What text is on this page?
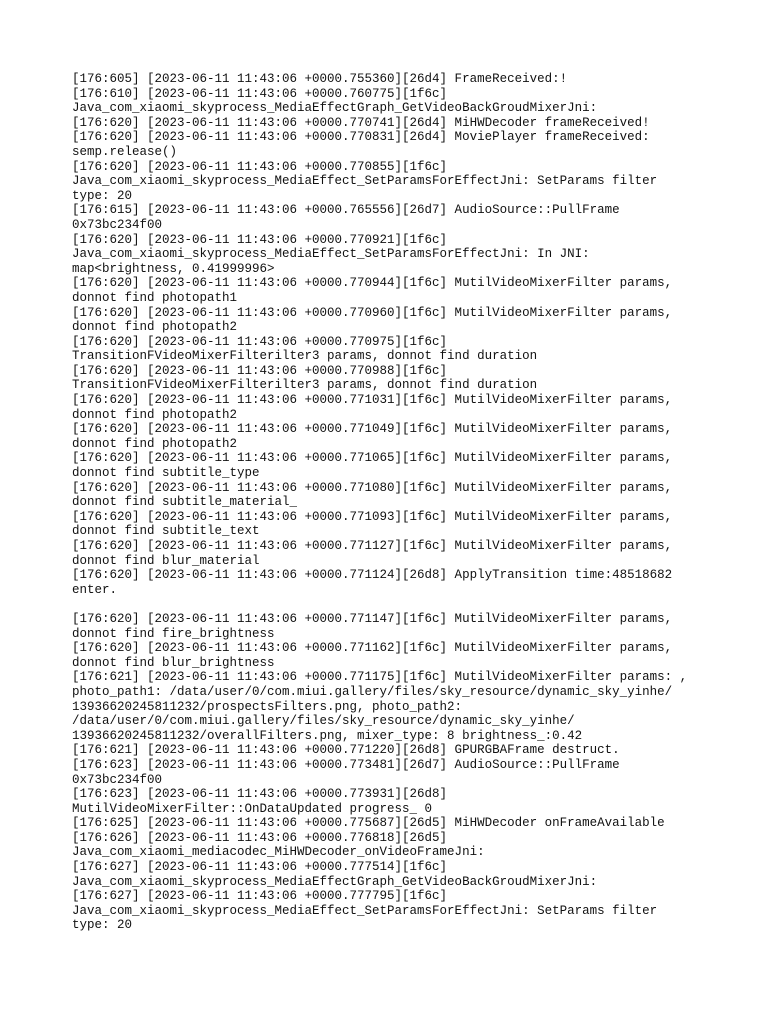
[176:605] [2023-06-11 11:43:06 +0000.755360][26d4] FrameReceived:!
[176:610] [2023-06-11 11:43:06 +0000.760775][1f6c]
Java_com_xiaomi_skyprocess_MediaEffectGraph_GetVideoBackGroudMixerJni:
[176:620] [2023-06-11 11:43:06 +0000.770741][26d4] MiHWDecoder frameReceived!
[176:620] [2023-06-11 11:43:06 +0000.770831][26d4] MoviePlayer frameReceived:
semp.release()
[176:620] [2023-06-11 11:43:06 +0000.770855][1f6c]
Java_com_xiaomi_skyprocess_MediaEffect_SetParamsForEffectJni: SetParams filter
type: 20
[176:615] [2023-06-11 11:43:06 +0000.765556][26d7] AudioSource::PullFrame
0x73bc234f00
[176:620] [2023-06-11 11:43:06 +0000.770921][1f6c]
Java_com_xiaomi_skyprocess_MediaEffect_SetParamsForEffectJni: In JNI:
map<brightness, 0.41999996>
[176:620] [2023-06-11 11:43:06 +0000.770944][1f6c] MutilVideoMixerFilter params,
donnot find photopath1
[176:620] [2023-06-11 11:43:06 +0000.770960][1f6c] MutilVideoMixerFilter params,
donnot find photopath2
[176:620] [2023-06-11 11:43:06 +0000.770975][1f6c]
TransitionFVideoMixerFilterilter3 params, donnot find duration
[176:620] [2023-06-11 11:43:06 +0000.770988][1f6c]
TransitionFVideoMixerFilterilter3 params, donnot find duration
[176:620] [2023-06-11 11:43:06 +0000.771031][1f6c] MutilVideoMixerFilter params,
donnot find photopath2
[176:620] [2023-06-11 11:43:06 +0000.771049][1f6c] MutilVideoMixerFilter params,
donnot find photopath2
[176:620] [2023-06-11 11:43:06 +0000.771065][1f6c] MutilVideoMixerFilter params,
donnot find subtitle_type
[176:620] [2023-06-11 11:43:06 +0000.771080][1f6c] MutilVideoMixerFilter params,
donnot find subtitle_material_
[176:620] [2023-06-11 11:43:06 +0000.771093][1f6c] MutilVideoMixerFilter params,
donnot find subtitle_text
[176:620] [2023-06-11 11:43:06 +0000.771127][1f6c] MutilVideoMixerFilter params,
donnot find blur_material
[176:620] [2023-06-11 11:43:06 +0000.771124][26d8] ApplyTransition time:48518682
enter.
[176:620] [2023-06-11 11:43:06 +0000.771147][1f6c] MutilVideoMixerFilter params,
donnot find fire_brightness
[176:620] [2023-06-11 11:43:06 +0000.771162][1f6c] MutilVideoMixerFilter params,
donnot find blur_brightness
[176:621] [2023-06-11 11:43:06 +0000.771175][1f6c] MutilVideoMixerFilter params: ,
photo_path1: /data/user/0/com.miui.gallery/files/sky_resource/dynamic_sky_yinhe/
13936620245811232/prospectsFilters.png, photo_path2:
/data/user/0/com.miui.gallery/files/sky_resource/dynamic_sky_yinhe/
13936620245811232/overallFilters.png, mixer_type: 8 brightness_:0.42
[176:621] [2023-06-11 11:43:06 +0000.771220][26d8] GPURGBAFrame destruct.
[176:623] [2023-06-11 11:43:06 +0000.773481][26d7] AudioSource::PullFrame
0x73bc234f00
[176:623] [2023-06-11 11:43:06 +0000.773931][26d8]
MutilVideoMixerFilter::OnDataUpdated progress_ 0
[176:625] [2023-06-11 11:43:06 +0000.775687][26d5] MiHWDecoder onFrameAvailable
[176:626] [2023-06-11 11:43:06 +0000.776818][26d5]
Java_com_xiaomi_mediacodec_MiHWDecoder_onVideoFrameJni:
[176:627] [2023-06-11 11:43:06 +0000.777514][1f6c]
Java_com_xiaomi_skyprocess_MediaEffectGraph_GetVideoBackGroudMixerJni:
[176:627] [2023-06-11 11:43:06 +0000.777795][1f6c]
Java_com_xiaomi_skyprocess_MediaEffect_SetParamsForEffectJni: SetParams filter
type: 20
